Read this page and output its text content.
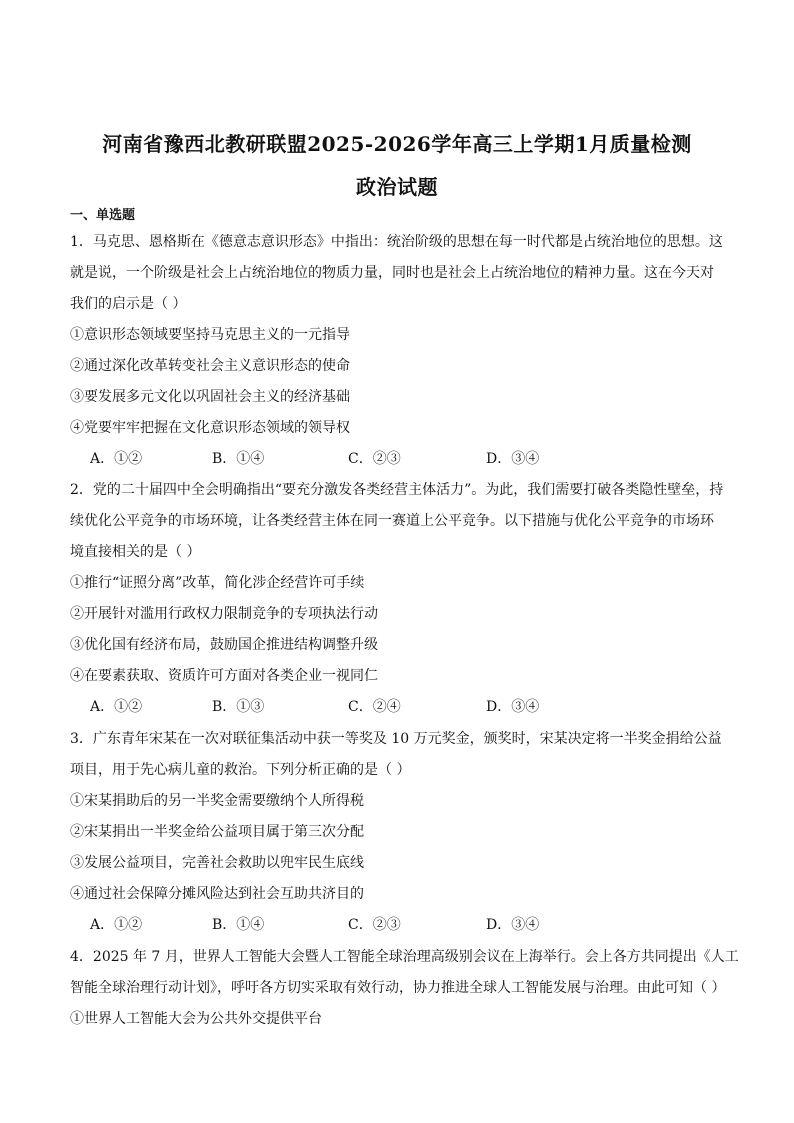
河南省豫西北教研联盟2025-2026学年高三上学期1月质量检测
政治试题
一、单选题
1．马克思、恩格斯在《德意志意识形态》中指出：统治阶级的思想在每一时代都是占统治地位的思想。这
就是说，一个阶级是社会上占统治地位的物质力量，同时也是社会上占统治地位的精神力量。这在今天对
我们的启示是（ ）
①意识形态领域要坚持马克思主义的一元指导
②通过深化改革转变社会主义意识形态的使命
③要发展多元文化以巩固社会主义的经济基础
④党要牢牢把握在文化意识形态领域的领导权
A．①②	B．①④	C．②③	D．③④
2．党的二十届四中全会明确指出“要充分激发各类经营主体活力”。为此，我们需要打破各类隐性壁垒，持
续优化公平竞争的市场环境，让各类经营主体在同一赛道上公平竞争。以下措施与优化公平竞争的市场环
境直接相关的是（ ）
①推行“证照分离”改革，简化涉企经营许可手续
②开展针对滥用行政权力限制竞争的专项执法行动
③优化国有经济布局，鼓励国企推进结构调整升级
④在要素获取、资质许可方面对各类企业一视同仁
A．①②	B．①③	C．②④	D．③④
3．广东青年宋某在一次对联征集活动中获一等奖及 10 万元奖金，颁奖时，宋某决定将一半奖金捐给公益
项目，用于先心病儿童的救治。下列分析正确的是（ ）
①宋某捐助后的另一半奖金需要缴纳个人所得税
②宋某捐出一半奖金给公益项目属于第三次分配
③发展公益项目，完善社会救助以兜牢民生底线
④通过社会保障分摊风险达到社会互助共济目的
A．①②	B．①④	C．②③	D．③④
4．2025 年 7 月，世界人工智能大会暨人工智能全球治理高级别会议在上海举行。会上各方共同提出《人工
智能全球治理行动计划》，呼吁各方切实采取有效行动，协力推进全球人工智能发展与治理。由此可知（ ）
①世界人工智能大会为公共外交提供平台
